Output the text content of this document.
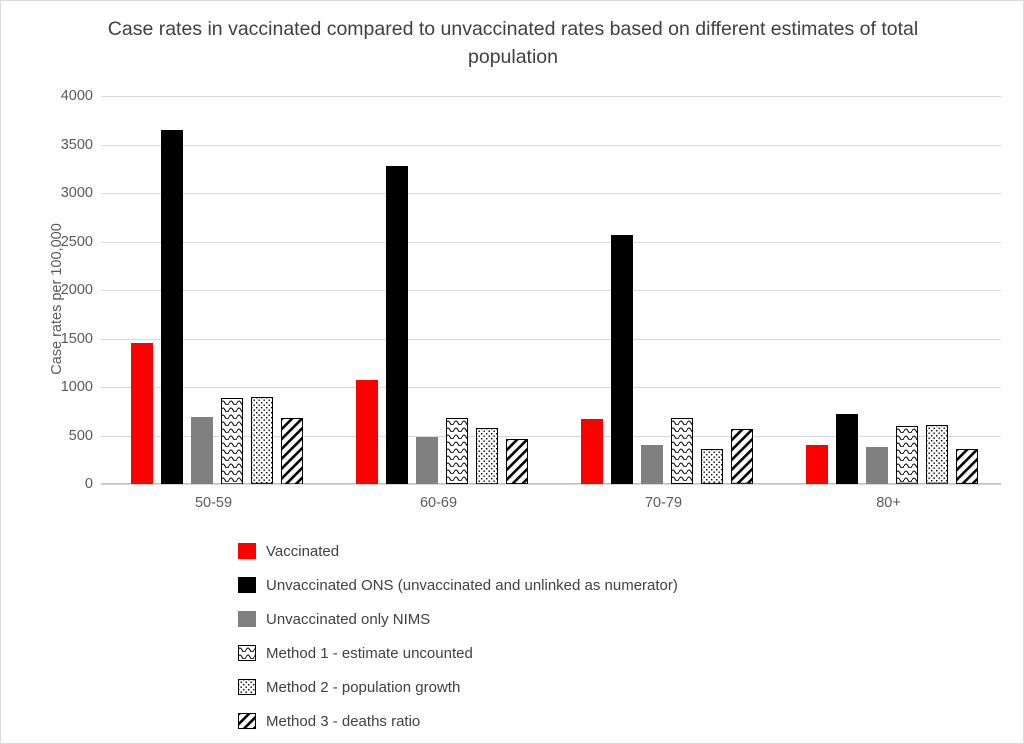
Case rates in vaccinated compared to unvaccinated rates based on different estimates of total population
Case rates per 100,000
0
500
1000
1500
2000
2500
3000
3500
4000
50-59	60-69	70-79	80+
Vaccinated
Unvaccinated ONS (unvaccinated and unlinked as numerator)
Unvaccinated only NIMS
Method 1 - estimate uncounted
Method 2 - population growth
Method 3 - deaths ratio
